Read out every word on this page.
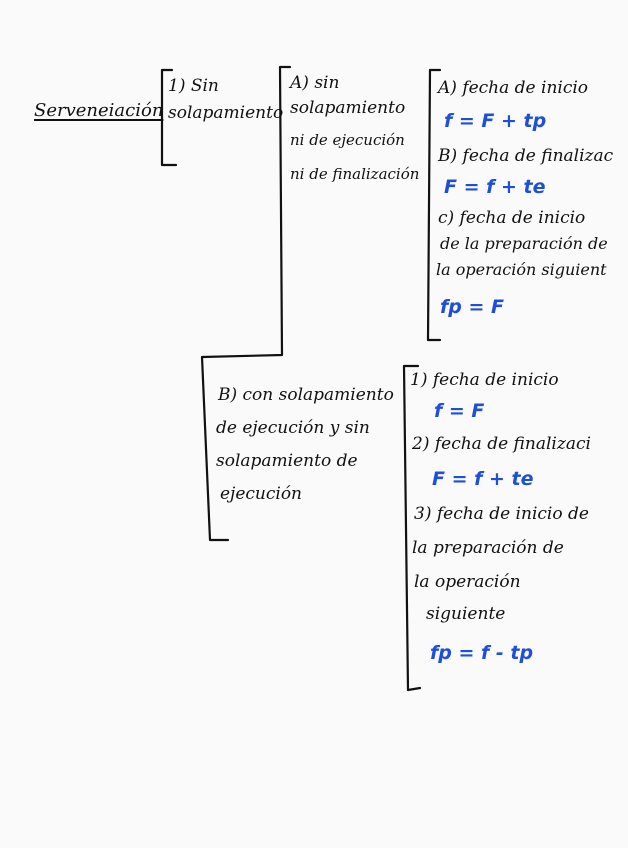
Serveneiación
1) Sin
solapamiento
A) sin
solapamiento
ni de ejecución
ni de finalización
A) fecha de inicio
f = F + tp
B) fecha de finalizac
F = f + te
c) fecha de inicio
de la preparación de
la operación siguient
fp = F
B) con solapamiento
de ejecución y sin
solapamiento de
ejecución
1) fecha de inicio
f = F
2) fecha de finalizaci
F = f + te
3) fecha de inicio de
la preparación de
la operación
siguiente
fp = f - tp
